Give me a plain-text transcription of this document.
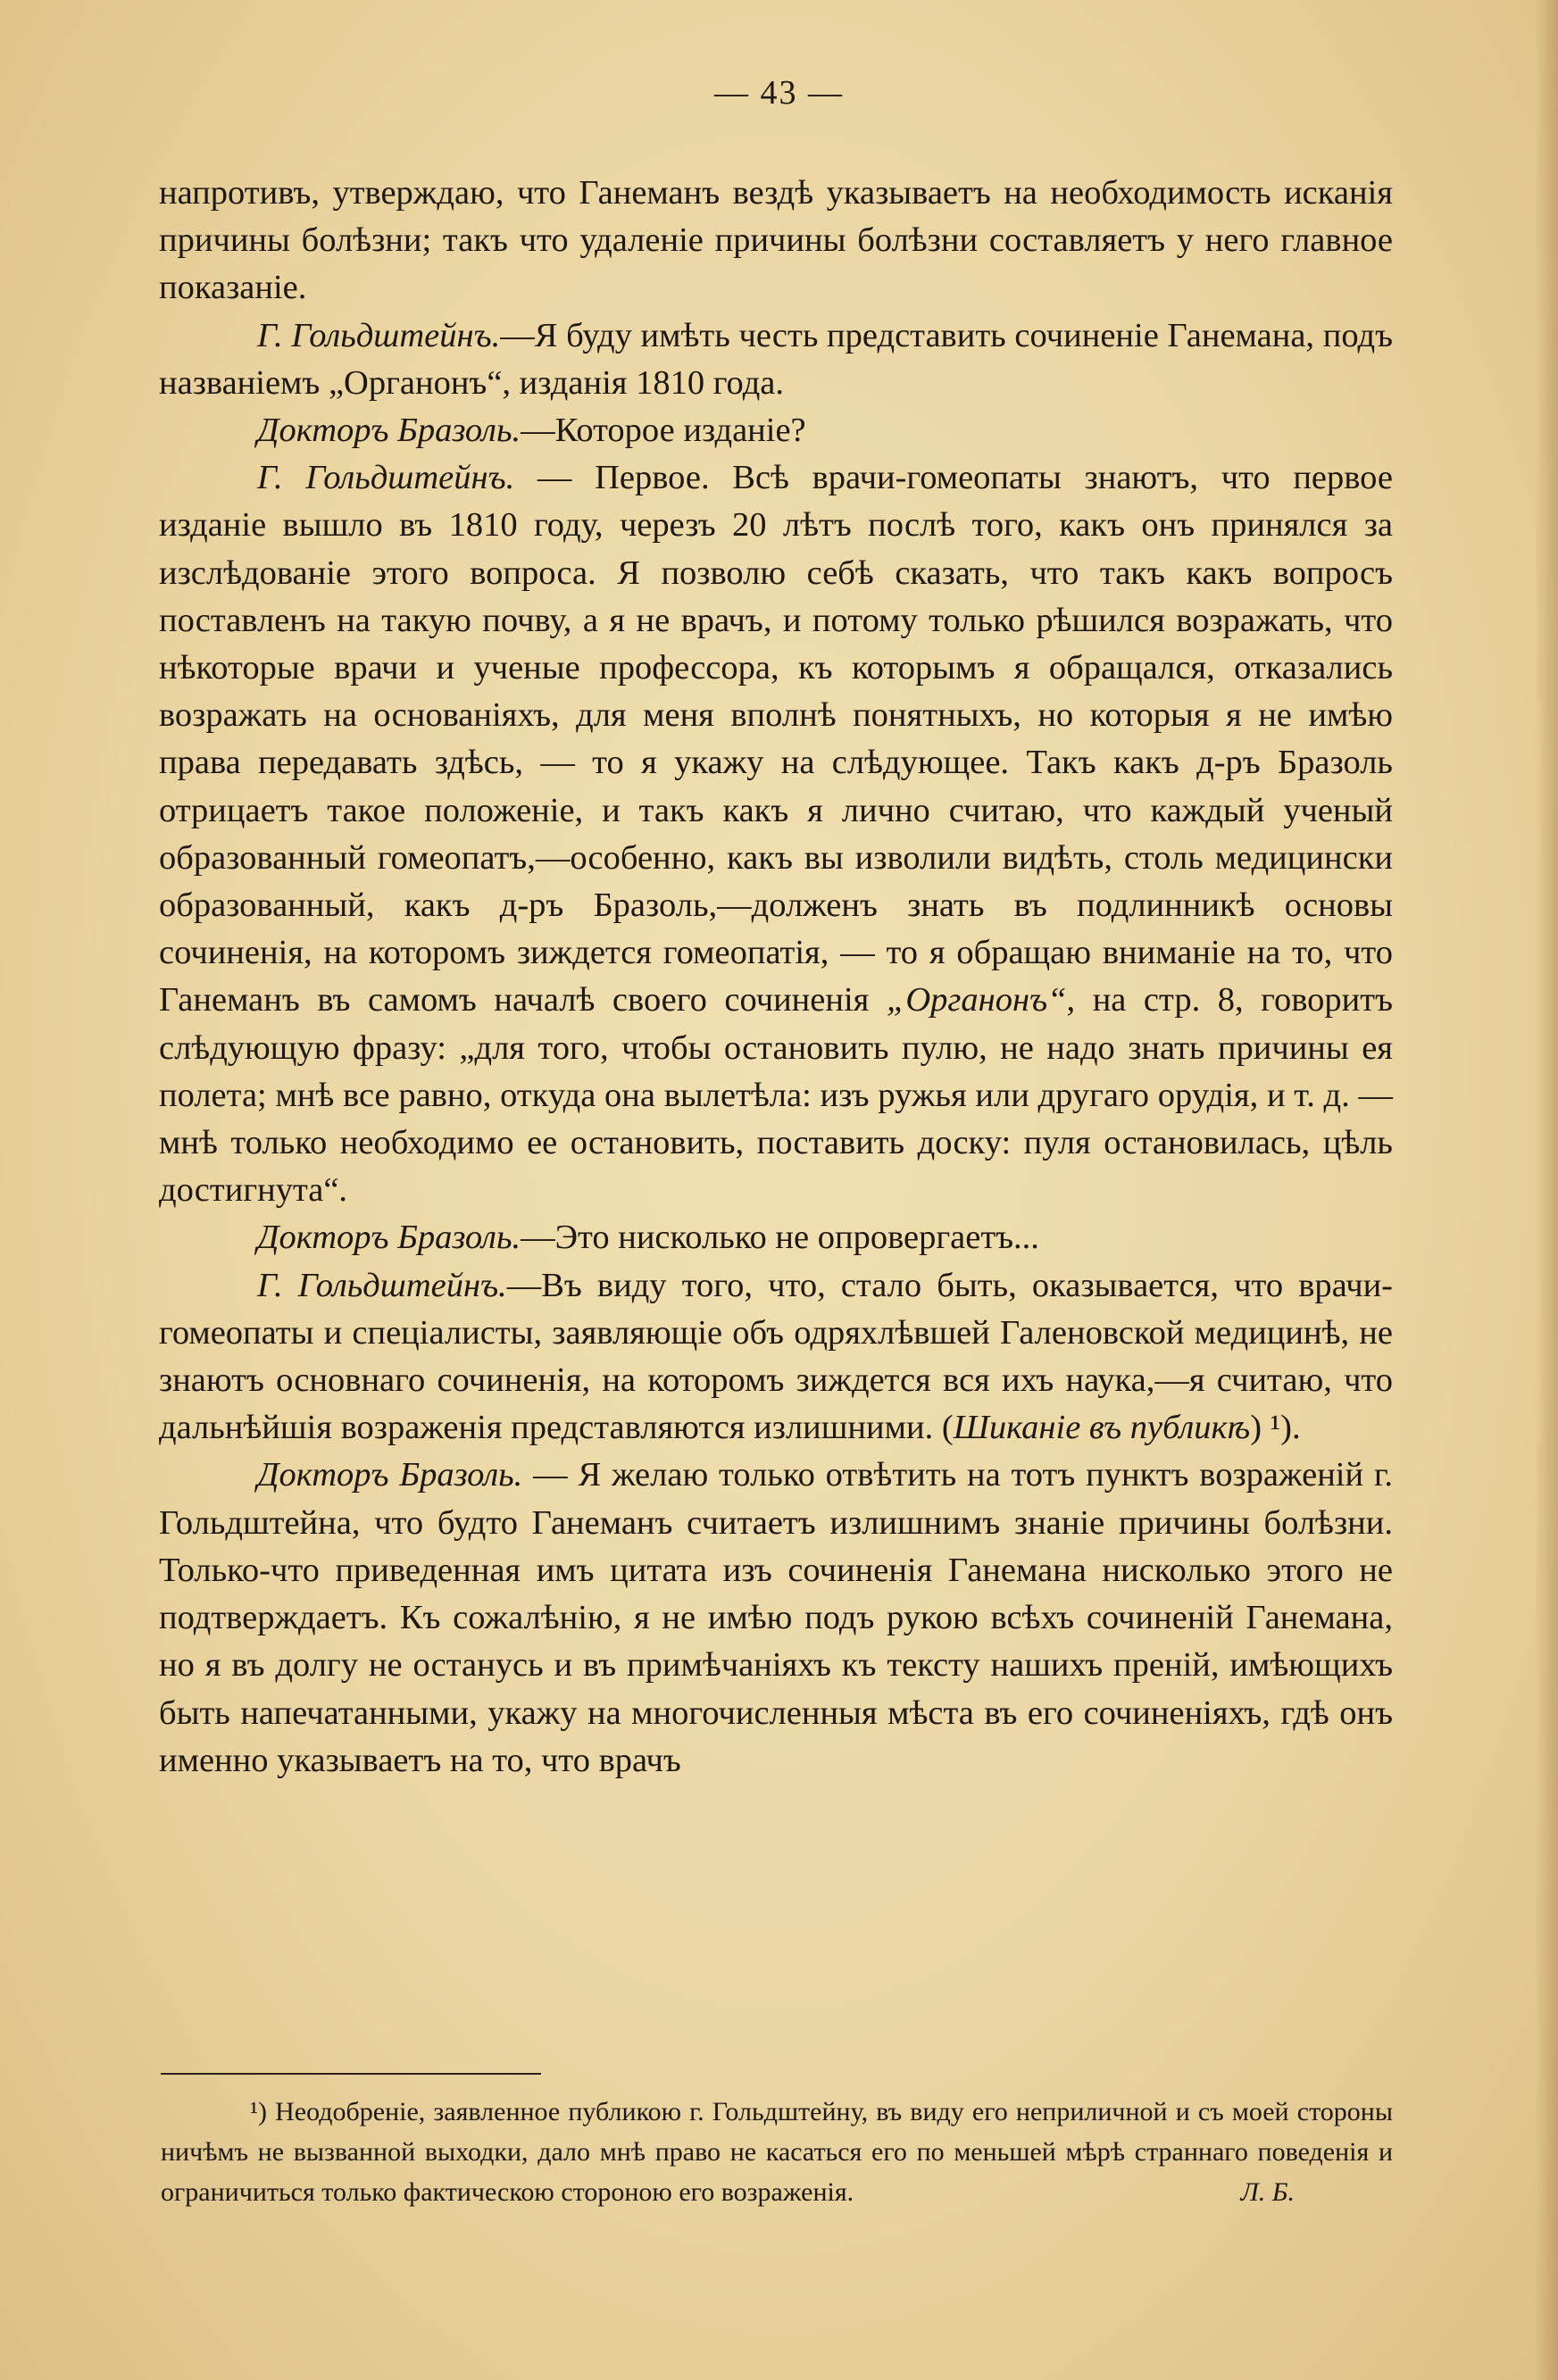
— 43 —

напротивъ, утверждаю, что Ганеманъ вездѣ указываетъ на необходимость исканія причины болѣзни; такъ что удаленіе причины болѣзни составляетъ у него главное показаніе.

Г. Гольдштейнъ.—Я буду имѣть честь представить сочиненіе Ганемана, подъ названіемъ „Органонъ“, изданія 1810 года.

Докторъ Бразоль.—Которое изданіе?

Г. Гольдштейнъ. — Первое. Всѣ врачи-гомеопаты знаютъ, что первое изданіе вышло въ 1810 году, черезъ 20 лѣтъ послѣ того, какъ онъ принялся за изслѣдованіе этого вопроса. Я позволю себѣ сказать, что такъ какъ вопросъ поставленъ на такую почву, а я не врачъ, и потому только рѣшился возражать, что нѣкоторые врачи и ученые профессора, къ которымъ я обращался, отказались возражать на основаніяхъ, для меня вполнѣ понятныхъ, но которыя я не имѣю права передавать здѣсь, — то я укажу на слѣдующее. Такъ какъ д-ръ Бразоль отрицаетъ такое положеніе, и такъ какъ я лично считаю, что каждый ученый образованный гомеопатъ,—особенно, какъ вы изволили видѣть, столь медицински образованный, какъ д-ръ Бразоль,—долженъ знать въ подлинникѣ основы сочиненія, на которомъ зиждется гомеопатія, — то я обращаю вниманіе на то, что Ганеманъ въ самомъ началѣ своего сочиненія „Органонъ“, на стр. 8, говоритъ слѣдующую фразу: „для того, чтобы остановить пулю, не надо знать причины ея полета; мнѣ все равно, откуда она вылетѣла: изъ ружья или другаго орудія, и т. д. — мнѣ только необходимо ее остановить, поставить доску: пуля остановилась, цѣль достигнута“.

Докторъ Бразоль.—Это нисколько не опровергаетъ...

Г. Гольдштейнъ.—Въ виду того, что, стало быть, оказывается, что врачи-гомеопаты и спеціалисты, заявляющіе объ одряхлѣвшей Галеновской медицинѣ, не знаютъ основнаго сочиненія, на которомъ зиждется вся ихъ наука,—я считаю, что дальнѣйшія возраженія представляются излишними. (Шиканіе въ публикѣ) ¹).

Докторъ Бразоль. — Я желаю только отвѣтить на тотъ пунктъ возраженій г. Гольдштейна, что будто Ганеманъ считаетъ излишнимъ знаніе причины болѣзни. Только-что приведенная имъ цитата изъ сочиненія Ганемана нисколько этого не подтверждаетъ. Къ сожалѣнію, я не имѣю подъ рукою всѣхъ сочиненій Ганемана, но я въ долгу не останусь и въ примѣчаніяхъ къ тексту нашихъ преній, имѣющихъ быть напечатанными, укажу на многочисленныя мѣста въ его сочиненіяхъ, гдѣ онъ именно указываетъ на то, что врачъ

¹) Неодобреніе, заявленное публикою г. Гольдштейну, въ виду его неприличной и съ моей стороны ничѣмъ не вызванной выходки, дало мнѣ право не касаться его по меньшей мѣрѣ страннаго поведенія и ограничиться только фактическою стороною его возраженія.	Л. Б.
